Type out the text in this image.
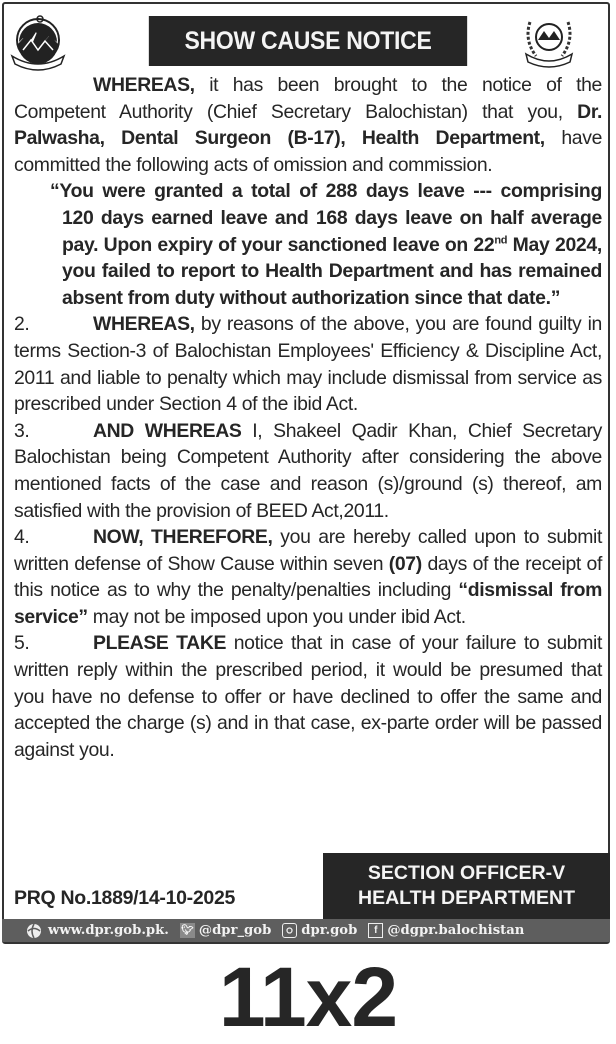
SHOW CAUSE NOTICE

WHEREAS, it has been brought to the notice of the Competent Authority (Chief Secretary Balochistan) that you, Dr. Palwasha, Dental Surgeon (B-17), Health Department, have committed the following acts of omission and commission.

“You were granted a total of 288 days leave --- comprising 120 days earned leave and 168 days leave on half average pay. Upon expiry of your sanctioned leave on 22nd May 2024, you failed to report to Health Department and has remained absent from duty without authorization since that date.”

2.	WHEREAS, by reasons of the above, you are found guilty in terms Section-3 of Balochistan Employees' Efficiency & Discipline Act, 2011 and liable to penalty which may include dismissal from service as prescribed under Section 4 of the ibid Act.

3.	AND WHEREAS I, Shakeel Qadir Khan, Chief Secretary Balochistan being Competent Authority after considering the above mentioned facts of the case and reason (s)/ground (s) thereof, am satisfied with the provision of BEED Act,2011.

4.	NOW, THEREFORE, you are hereby called upon to submit written defense of Show Cause within seven (07) days of the receipt of this notice as to why the penalty/penalties including “dismissal from service” may not be imposed upon you under ibid Act.

5.	PLEASE TAKE notice that in case of your failure to submit written reply within the prescribed period, it would be presumed that you have no defense to offer or have declined to offer the same and accepted the charge (s) and in that case, ex-parte order will be passed against you.

PRQ No.1889/14-10-2025
SECTION OFFICER-V
HEALTH DEPARTMENT
www.dpr.gob.pk. 🐦︎ @dpr_gob dpr.gob	f @dgpr.balochistan
11x2
